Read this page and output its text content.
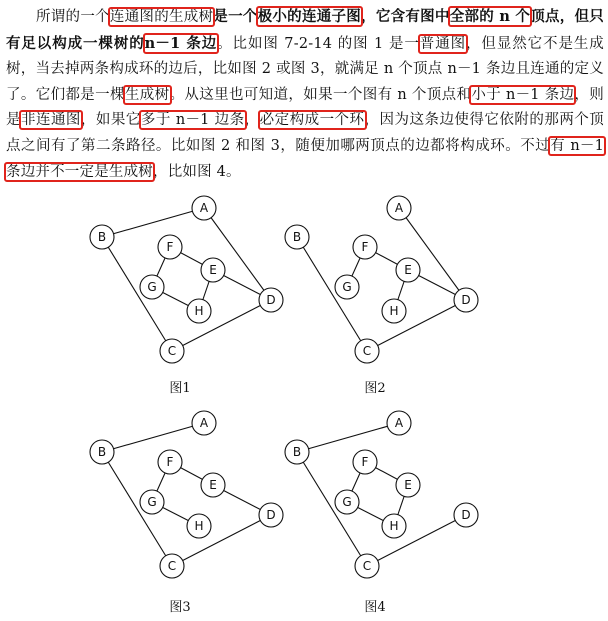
所谓的一个连通图的生成树是一个极小的连通子图，它含有图中全部的 n 个顶点，但只有足以构成一棵树的n－1 条边。比如图 7-2-14 的图 1 是一普通图，但显然它不是生成树，当去掉两条构成环的边后，比如图 2 或图 3，就满足 n 个顶点 n－1 条边且连通的定义了。它们都是一棵生成树。从这里也可知道，如果一个图有 n 个顶点和小于 n－1 条边，则是非连通图，如果它多于 n－1 边条，必定构成一个环，因为这条边使得它依附的那两个顶点之间有了第二条路径。比如图 2 和图 3，随便加哪两顶点的边都将构成环。不过有 n－1 条边并不一定是生成树，比如图 4。
A
B
C
D
E
F
G
H
图1
A
B
C
D
E
F
G
H
图2
A
B
C
D
E
F
G
H
图3
A
B
C
D
E
F
G
H
图4
